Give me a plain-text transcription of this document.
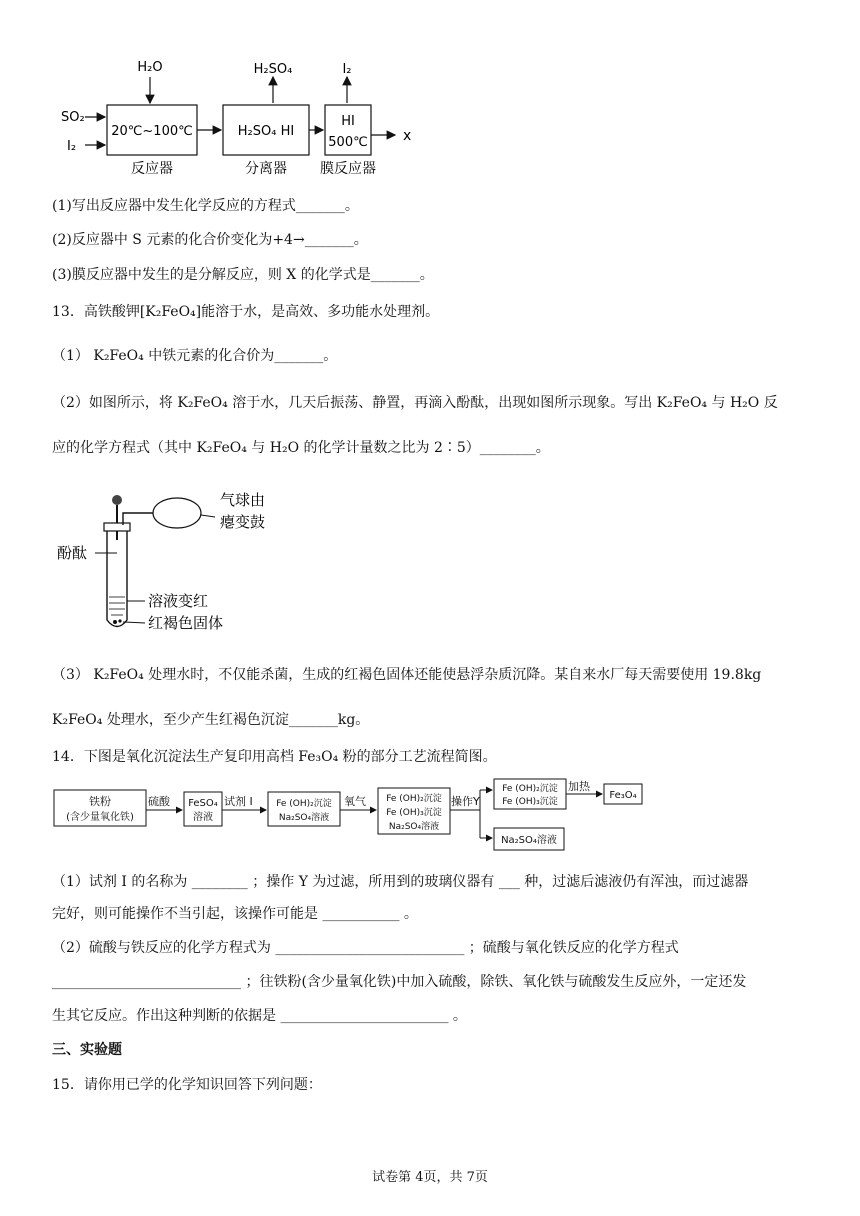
20℃~100℃
反应器
H₂O
SO₂
I₂
H₂SO₄ HI
分离器
H₂SO₄
HI
500℃
膜反应器
I₂
x
(1)写出反应器中发生化学反应的方程式_______。
(2)反应器中 S 元素的化合价变化为+4→_______。
(3)膜反应器中发生的是分解反应，则 X 的化学式是_______。
13．高铁酸钾[K₂FeO₄]能溶于水，是高效、多功能水处理剂。
（1） K₂FeO₄ 中铁元素的化合价为_______。
（2）如图所示，将 K₂FeO₄ 溶于水，几天后振荡、静置，再滴入酚酞，出现如图所示现象。写出 K₂FeO₄ 与 H₂O 反
应的化学方程式（其中 K₂FeO₄ 与 H₂O 的化学计量数之比为 2∶5）________。
气球由
瘪变鼓
酚酞
溶液变红
红褐色固体
（3） K₂FeO₄ 处理水时，不仅能杀菌，生成的红褐色固体还能使悬浮杂质沉降。某自来水厂每天需要使用 19.8kg
K₂FeO₄ 处理水，至少产生红褐色沉淀_______kg。
14．下图是氧化沉淀法生产复印用高档 Fe₃O₄ 粉的部分工艺流程简图。
铁粉
(含少量氧化铁)
硫酸 FeSO₄
溶液
试剂 I	Fe (OH)₂沉淀
Na₂SO₄溶液
氧气 Fe (OH)₂沉淀
Fe (OH)₃沉淀
Na₂SO₄溶液
操作Y
Fe (OH)₂沉淀
Fe (OH)₃沉淀
加热
Fe₃O₄
Na₂SO₄溶液
（1）试剂 I 的名称为 ________ ；操作 Y 为过滤，所用到的玻璃仪器有 ___ 种，过滤后滤液仍有浑浊，而过滤器
完好，则可能操作不当引起，该操作可能是 ___________ 。
（2）硫酸与铁反应的化学方程式为 ___________________________ ；硫酸与氧化铁反应的化学方程式
___________________________ ；往铁粉(含少量氧化铁)中加入硫酸，除铁、氧化铁与硫酸发生反应外，一定还发
生其它反应。作出这种判断的依据是 ________________________ 。
三、实验题
15．请你用已学的化学知识回答下列问题：
试卷第 4页，共 7页
